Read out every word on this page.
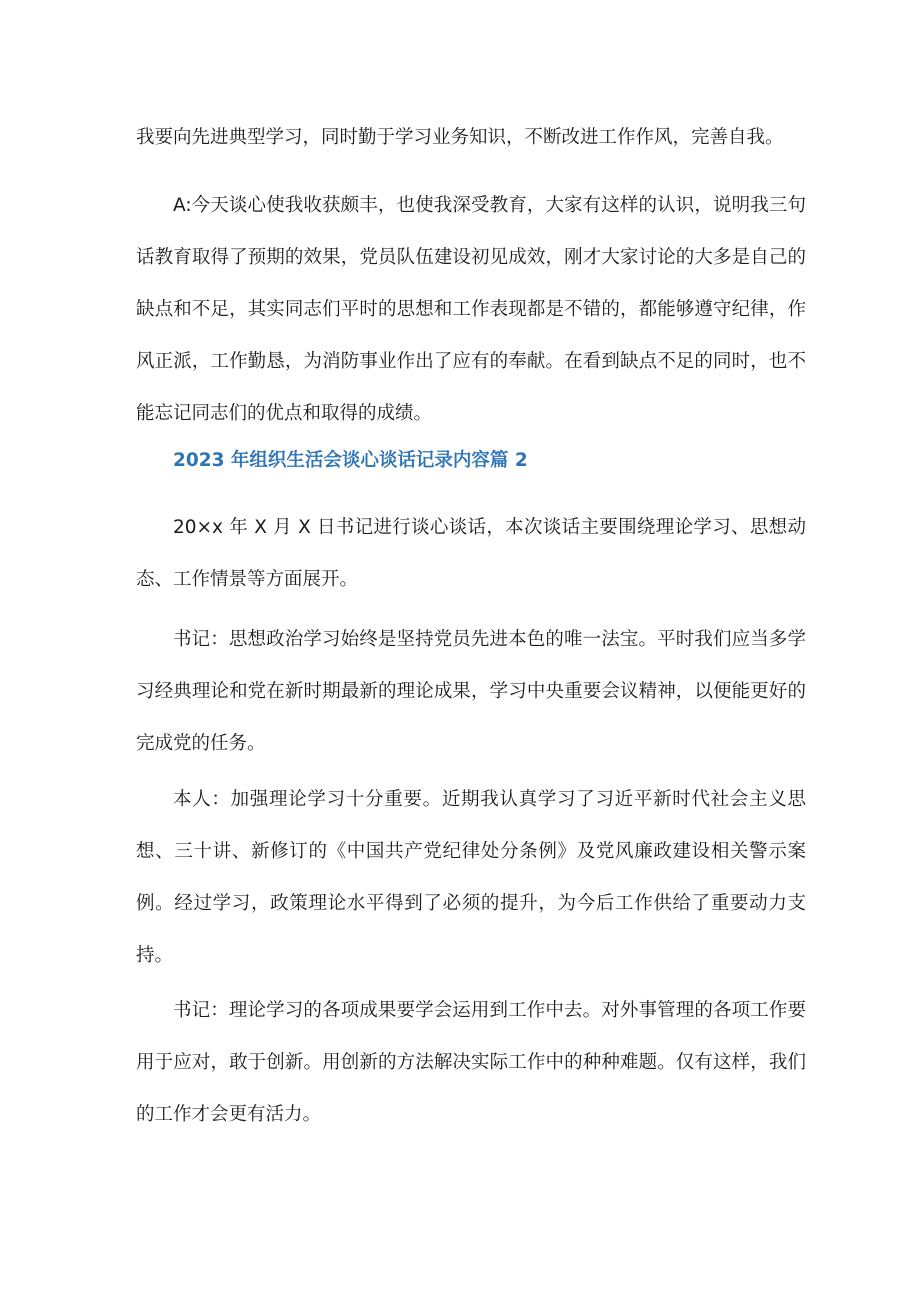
我要向先进典型学习，同时勤于学习业务知识，不断改进工作作风，完善自我。

A:今天谈心使我收获颇丰，也使我深受教育，大家有这样的认识，说明我三句话教育取得了预期的效果，党员队伍建设初见成效，刚才大家讨论的大多是自己的缺点和不足，其实同志们平时的思想和工作表现都是不错的，都能够遵守纪律，作风正派，工作勤恳，为消防事业作出了应有的奉献。在看到缺点不足的同时，也不能忘记同志们的优点和取得的成绩。

2023 年组织生活会谈心谈话记录内容篇 2

20×x 年 X 月 X 日书记进行谈心谈话，本次谈话主要围绕理论学习、思想动态、工作情景等方面展开。

书记：思想政治学习始终是坚持党员先进本色的唯一法宝。平时我们应当多学习经典理论和党在新时期最新的理论成果，学习中央重要会议精神，以便能更好的完成党的任务。

本人：加强理论学习十分重要。近期我认真学习了习近平新时代社会主义思想、三十讲、新修订的《中国共产党纪律处分条例》及党风廉政建设相关警示案例。经过学习，政策理论水平得到了必须的提升，为今后工作供给了重要动力支持。

书记：理论学习的各项成果要学会运用到工作中去。对外事管理的各项工作要用于应对，敢于创新。用创新的方法解决实际工作中的种种难题。仅有这样，我们的工作才会更有活力。
